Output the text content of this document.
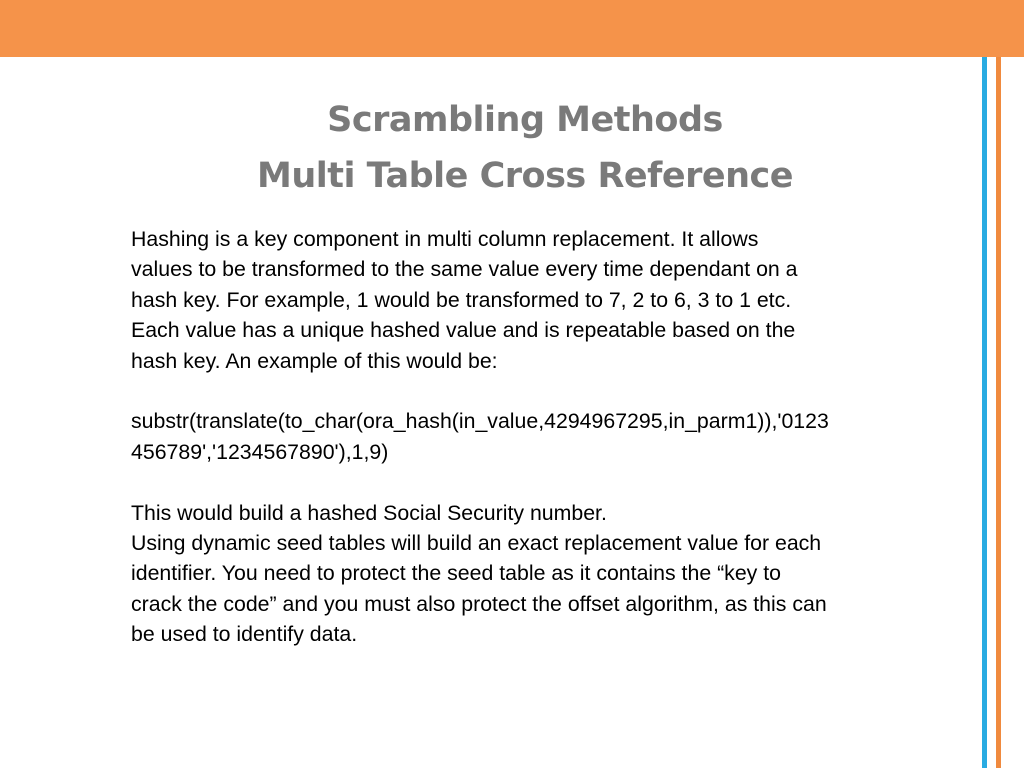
Scrambling Methods
Multi Table Cross Reference
Hashing is a key component in multi column replacement. It allows
values to be transformed to the same value every time dependant on a
hash key. For example, 1 would be transformed to 7, 2 to 6, 3 to 1 etc.
Each value has a unique hashed value and is repeatable based on the
hash key. An example of this would be:
substr(translate(to_char(ora_hash(in_value,4294967295,in_parm1)),'0123
456789','1234567890'),1,9)
This would build a hashed Social Security number.
Using dynamic seed tables will build an exact replacement value for each
identifier. You need to protect the seed table as it contains the “key to
crack the code” and you must also protect the offset algorithm, as this can
be used to identify data.
